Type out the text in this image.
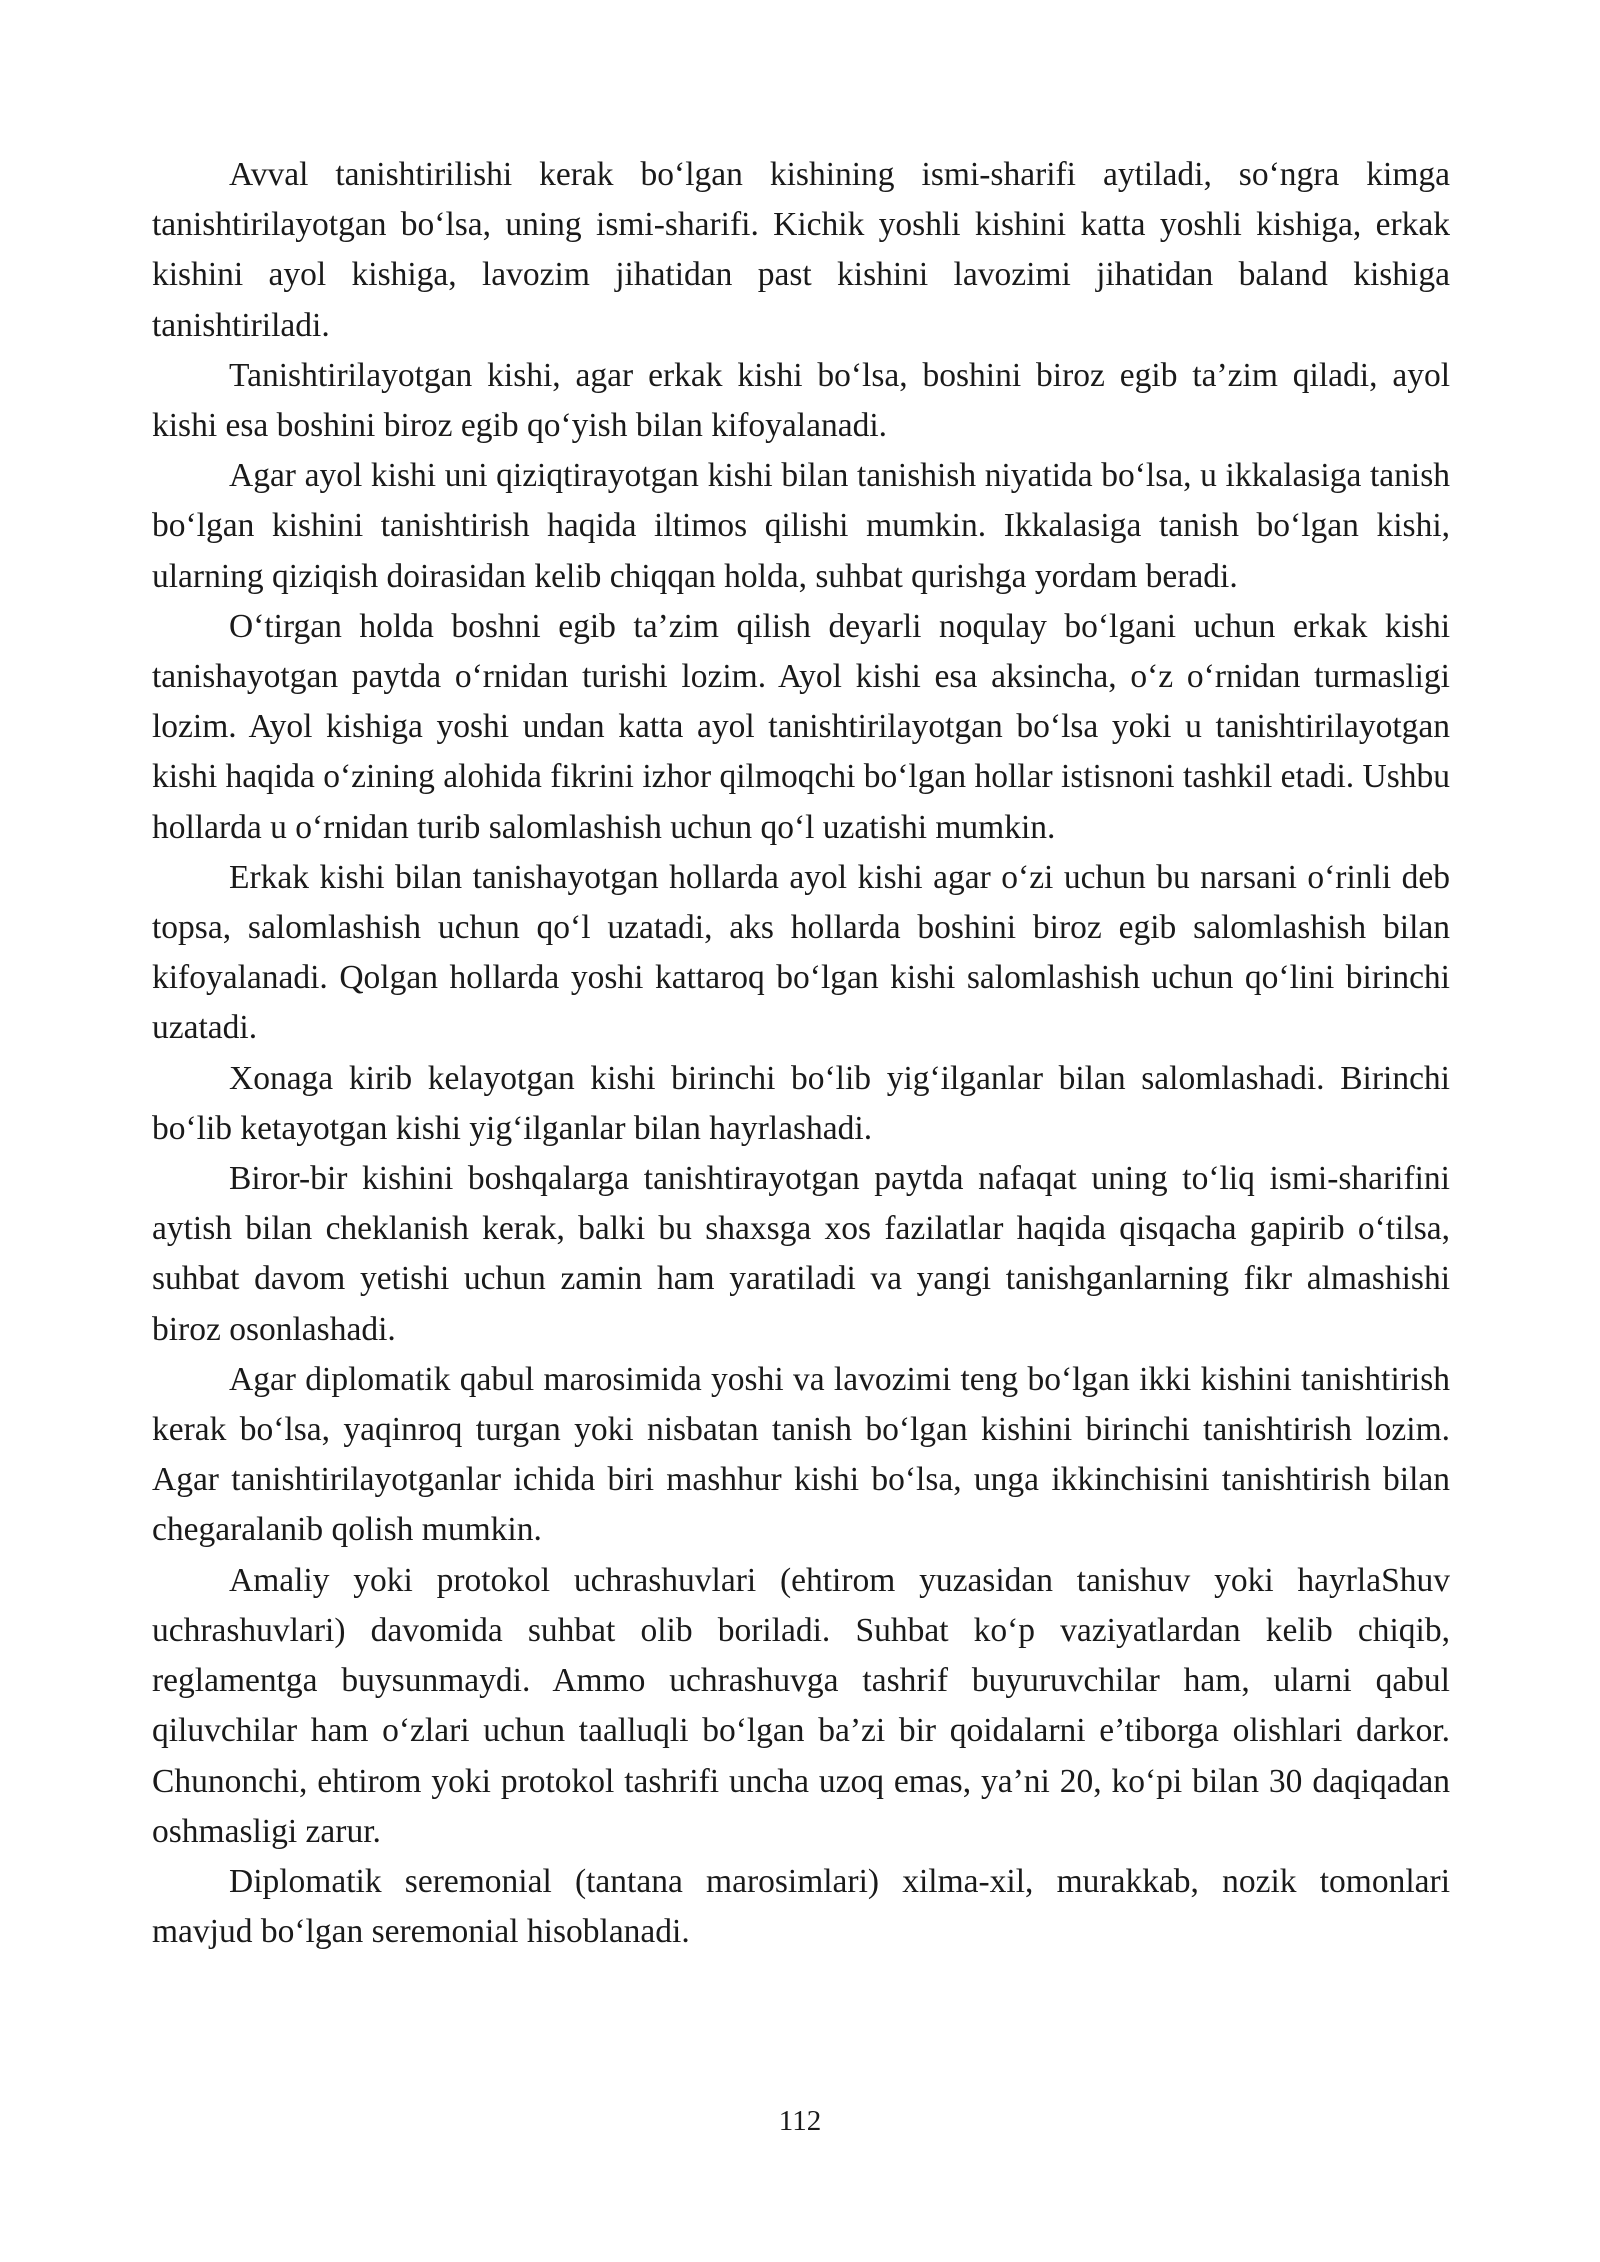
Avval tanishtirilishi kerak bo‘lgan kishining ismi-sharifi aytiladi, so‘ngra kimga tanishtirilayotgan bo‘lsa, uning ismi-sharifi. Kichik yoshli kishini katta yoshli kishiga, erkak kishini ayol kishiga, lavozim jihatidan past kishini lavozimi jihatidan baland kishiga tanishtiriladi.

Tanishtirilayotgan kishi, agar erkak kishi bo‘lsa, boshini biroz egib ta’zim qiladi, ayol kishi esa boshini biroz egib qo‘yish bilan kifoyalanadi.

Agar ayol kishi uni qiziqtirayotgan kishi bilan tanishish niyatida bo‘lsa, u ikkalasiga tanish bo‘lgan kishini tanishtirish haqida iltimos qilishi mumkin. Ikkalasiga tanish bo‘lgan kishi, ularning qiziqish doirasidan kelib chiqqan holda, suhbat qurishga yordam beradi.

O‘tirgan holda boshni egib ta’zim qilish deyarli noqulay bo‘lgani uchun erkak kishi tanishayotgan paytda o‘rnidan turishi lozim. Ayol kishi esa aksincha, o‘z o‘rnidan turmasligi lozim. Ayol kishiga yoshi undan katta ayol tanishtirilayotgan bo‘lsa yoki u tanishtirilayotgan kishi haqida o‘zining alohida fikrini izhor qilmoqchi bo‘lgan hollar istisnoni tashkil etadi. Ushbu hollarda u o‘rnidan turib salomlashish uchun qo‘l uzatishi mumkin.

Erkak kishi bilan tanishayotgan hollarda ayol kishi agar o‘zi uchun bu narsani o‘rinli deb topsa, salomlashish uchun qo‘l uzatadi, aks hollarda boshini biroz egib salomlashish bilan kifoyalanadi. Qolgan hollarda yoshi kattaroq bo‘lgan kishi salomlashish uchun qo‘lini birinchi uzatadi.

Xonaga kirib kelayotgan kishi birinchi bo‘lib yig‘ilganlar bilan salomlashadi. Birinchi bo‘lib ketayotgan kishi yig‘ilganlar bilan hayrlashadi.

Biror-bir kishini boshqalarga tanishtirayotgan paytda nafaqat uning to‘liq ismi-sharifini aytish bilan cheklanish kerak, balki bu shaxsga xos fazilatlar haqida qisqacha gapirib o‘tilsa, suhbat davom yetishi uchun zamin ham yaratiladi va yangi tanishganlarning fikr almashishi biroz osonlashadi.

Agar diplomatik qabul marosimida yoshi va lavozimi teng bo‘lgan ikki kishini tanishtirish kerak bo‘lsa, yaqinroq turgan yoki nisbatan tanish bo‘lgan kishini birinchi tanishtirish lozim. Agar tanishtirilayotganlar ichida biri mashhur kishi bo‘lsa, unga ikkinchisini tanishtirish bilan chegaralanib qolish mumkin.

Amaliy yoki protokol uchrashuvlari (ehtirom yuzasidan tanishuv yoki hayrlaShuv uchrashuvlari) davomida suhbat olib boriladi. Suhbat ko‘p vaziyatlardan kelib chiqib, reglamentga buysunmaydi. Ammo uchrashuvga tashrif buyuruvchilar ham, ularni qabul qiluvchilar ham o‘zlari uchun taalluqli bo‘lgan ba’zi bir qoidalarni e’tiborga olishlari darkor. Chunonchi, ehtirom yoki protokol tashrifi uncha uzoq emas, ya’ni 20, ko‘pi bilan 30 daqiqadan oshmasligi zarur.

Diplomatik seremonial (tantana marosimlari) xilma-xil, murakkab, nozik tomonlari mavjud bo‘lgan seremonial hisoblanadi.

112
